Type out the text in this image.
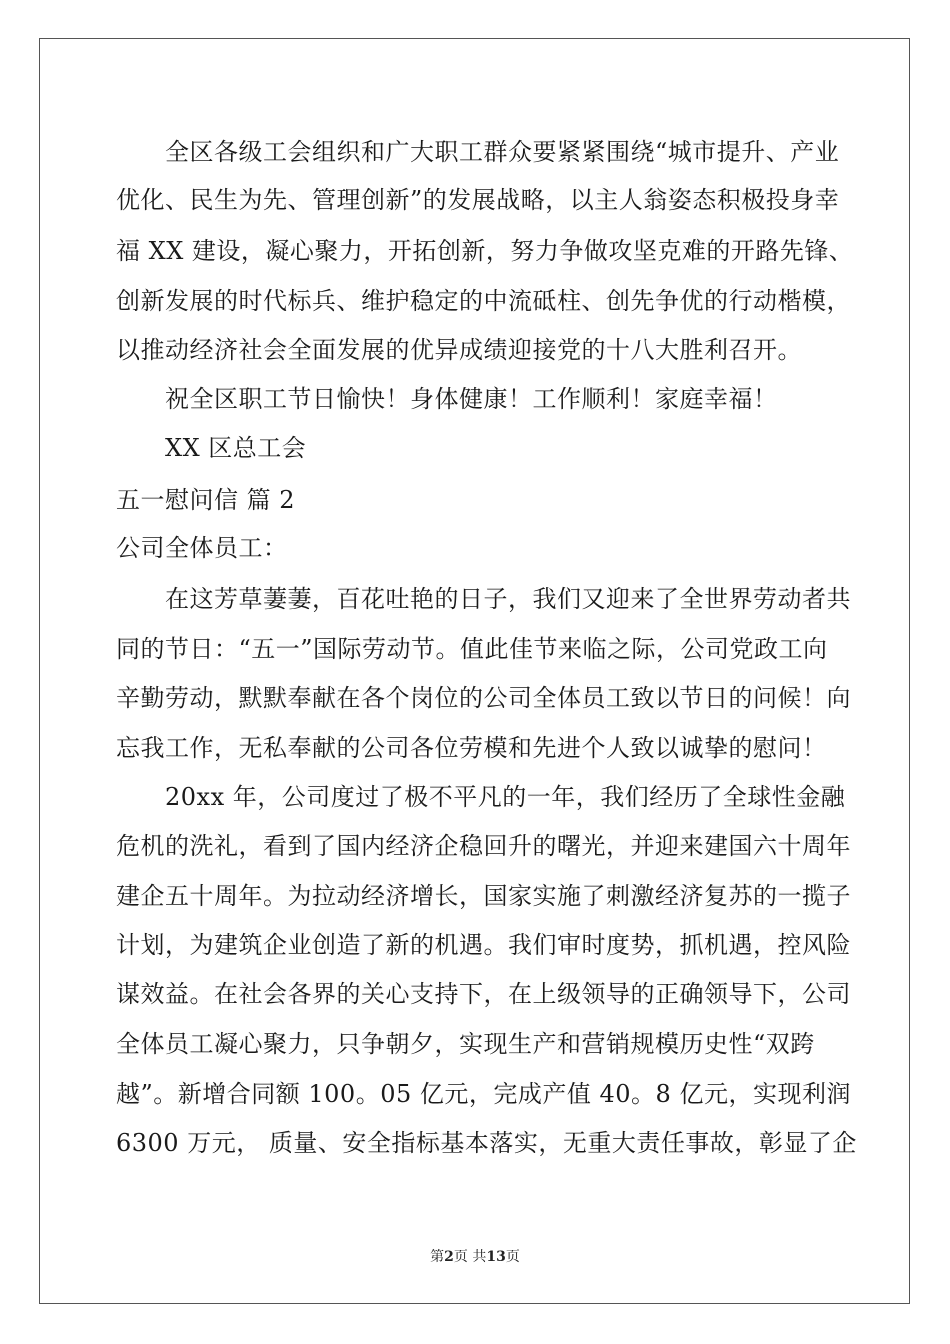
全区各级工会组织和广大职工群众要紧紧围绕“城市提升、产业
优化、民生为先、管理创新”的发展战略，以主人翁姿态积极投身幸
福 XX 建设，凝心聚力，开拓创新，努力争做攻坚克难的开路先锋、
创新发展的时代标兵、维护稳定的中流砥柱、创先争优的行动楷模，
以推动经济社会全面发展的优异成绩迎接党的十八大胜利召开。
祝全区职工节日愉快！身体健康！工作顺利！家庭幸福！
XX 区总工会
五一慰问信 篇 2
公司全体员工：
在这芳草萋萋，百花吐艳的日子，我们又迎来了全世界劳动者共
同的节日：“五一”国际劳动节。值此佳节来临之际，公司党政工向
辛勤劳动，默默奉献在各个岗位的公司全体员工致以节日的问候！向
忘我工作，无私奉献的公司各位劳模和先进个人致以诚挚的慰问！
20xx 年，公司度过了极不平凡的一年，我们经历了全球性金融
危机的洗礼，看到了国内经济企稳回升的曙光，并迎来建国六十周年
建企五十周年。为拉动经济增长，国家实施了刺激经济复苏的一揽子
计划，为建筑企业创造了新的机遇。我们审时度势，抓机遇，控风险
谋效益。在社会各界的关心支持下，在上级领导的正确领导下，公司
全体员工凝心聚力，只争朝夕，实现生产和营销规模历史性“双跨
越”。新增合同额 100。05 亿元，完成产值 40。8 亿元，实现利润
6300 万元， 质量、安全指标基本落实，无重大责任事故，彰显了企
第2页 共13页
